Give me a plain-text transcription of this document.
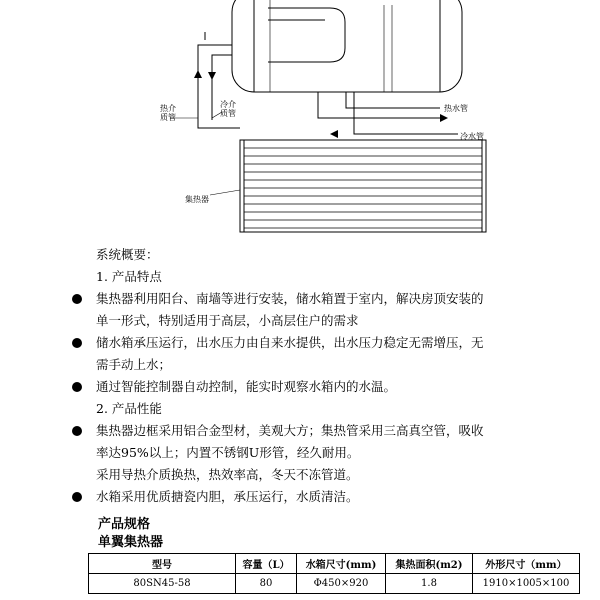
热介
质管
冷介
质管
热水管
冷水管
集热器
系统概要：
1. 产品特点
集热器利用阳台、南墙等进行安装，储水箱置于室内，解决房顶安装的
单一形式，特别适用于高层，小高层住户的需求
储水箱承压运行，出水压力由自来水提供，出水压力稳定无需增压，无
需手动上水；
通过智能控制器自动控制，能实时观察水箱内的水温。
2. 产品性能
集热器边框采用铝合金型材，美观大方；集热管采用三高真空管，吸收
率达95%以上；内置不锈钢U形管，经久耐用。
采用导热介质换热，热效率高，冬天不冻管道。
水箱采用优质搪瓷内胆，承压运行，水质清洁。
产品规格
单翼集热器
型号	容量（L）	水箱尺寸(mm)	集热面积(m2)	外形尺寸（mm）
80SN45-58	80	Φ450×920	1.8	1910×1005×100
